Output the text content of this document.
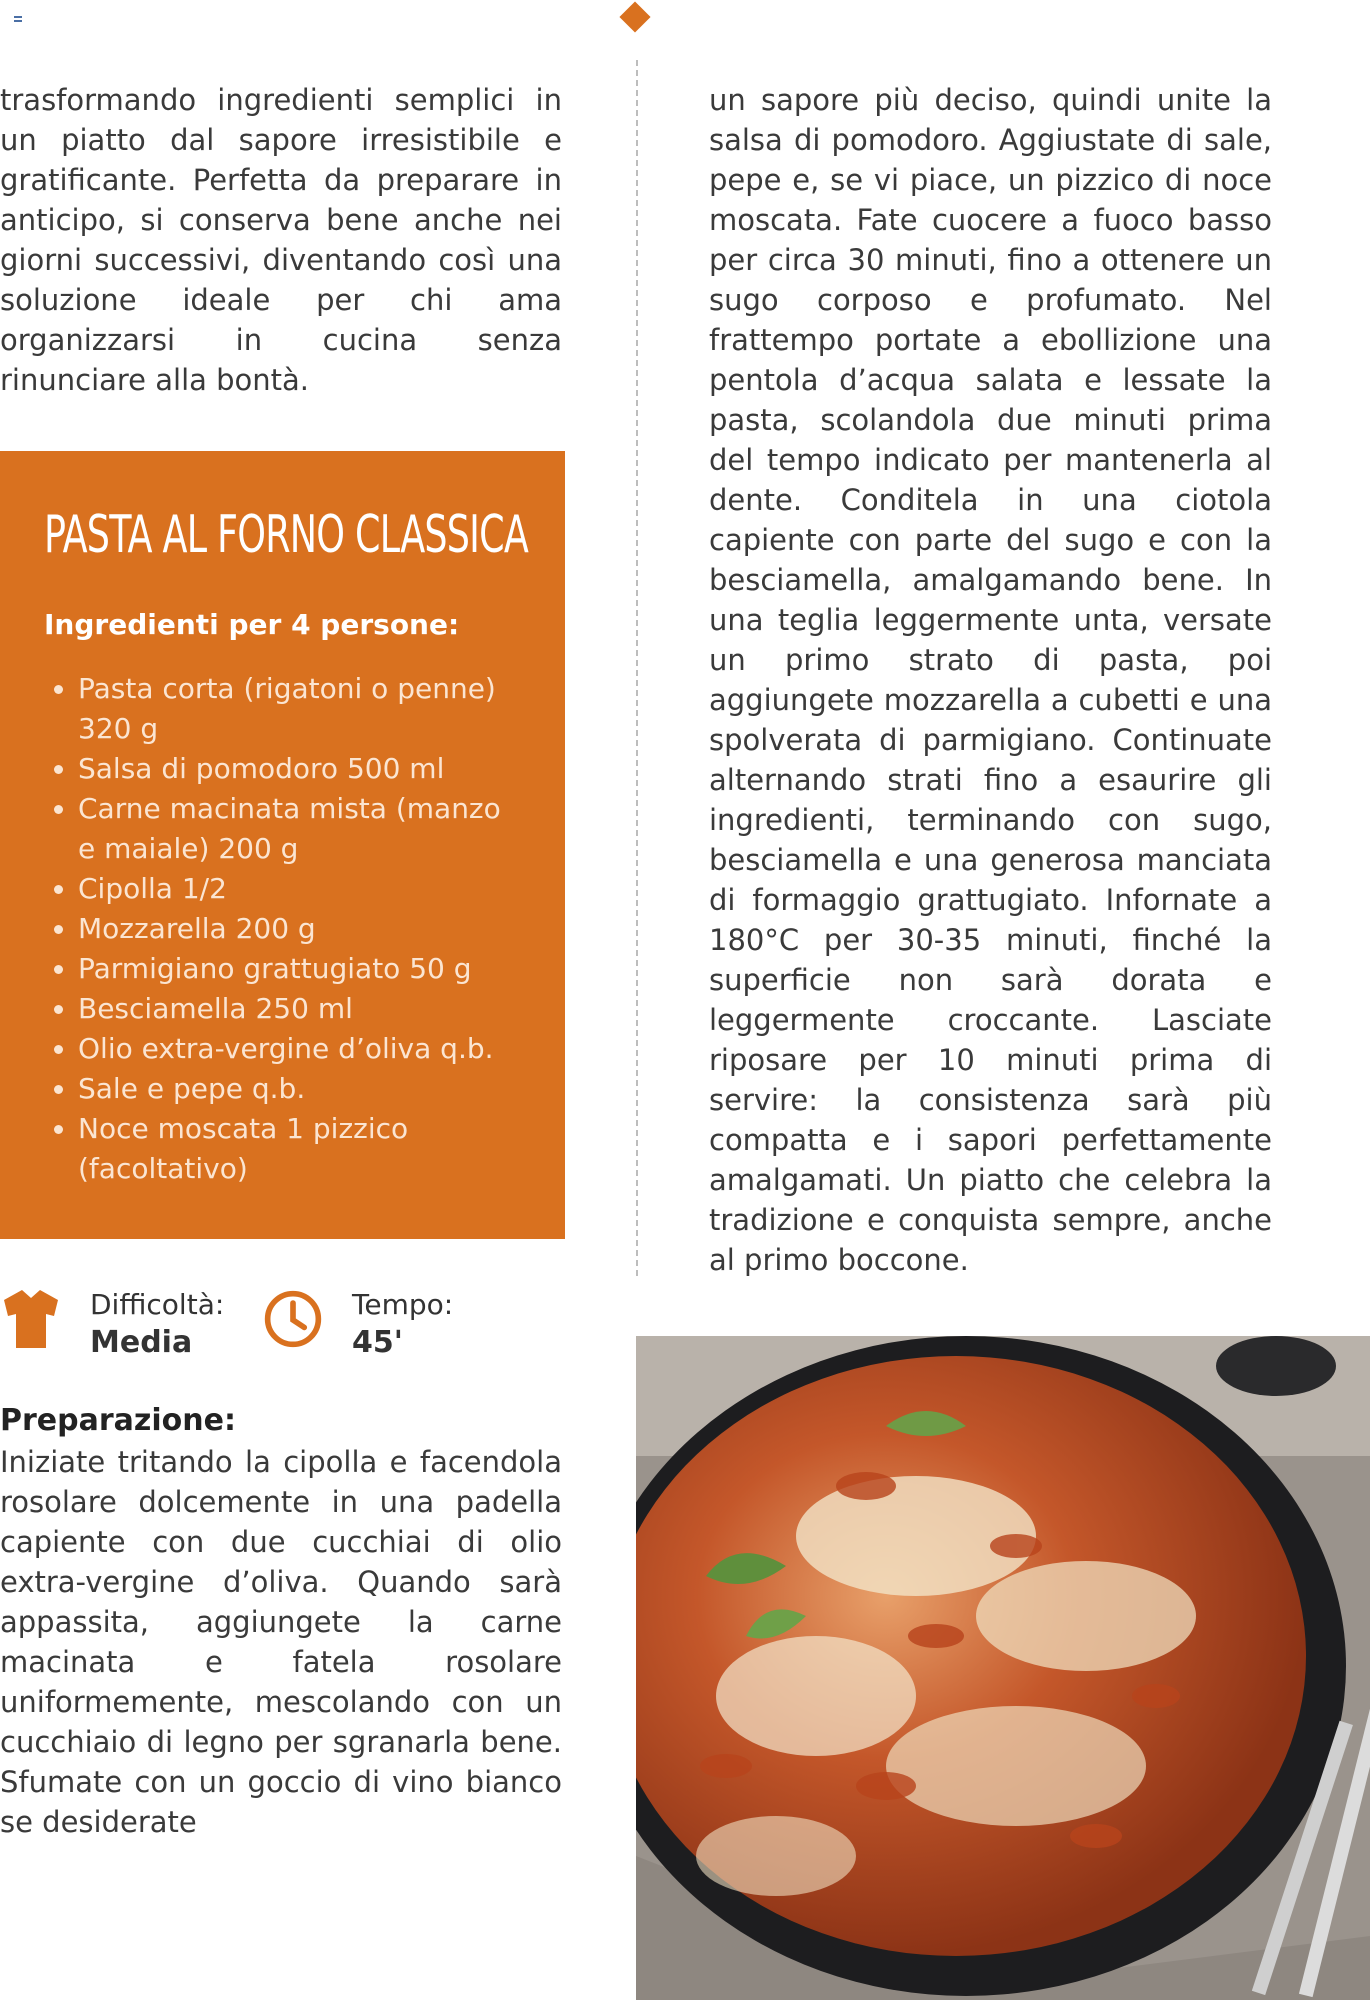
trasformando ingredienti semplici in un piatto dal sapore irresistibile e gratificante. Perfetta da preparare in anticipo, si conserva bene anche nei giorni successivi, diventando così una soluzione ideale per chi ama organizzarsi in cucina senza rinunciare alla bontà.

PASTA AL FORNO CLASSICA
Ingredienti per 4 persone:
• Pasta corta (rigatoni o penne) 320 g
• Salsa di pomodoro 500 ml
• Carne macinata mista (manzo e maiale) 200 g
• Cipolla 1/2
• Mozzarella 200 g
• Parmigiano grattugiato 50 g
• Besciamella 250 ml
• Olio extra-vergine d’oliva q.b.
• Sale e pepe q.b.
• Noce moscata 1 pizzico (facoltativo)
Difficoltà:
Media
Tempo:
45'
Preparazione:

Iniziate tritando la cipolla e facendola rosolare dolcemente in una padella capiente con due cucchiai di olio extra-vergine d’oliva. Quando sarà appassita, aggiungete la carne macinata e fatela rosolare uniformemente, mescolando con un cucchiaio di legno per sgranarla bene. Sfumate con un goccio di vino bianco se desiderate

un sapore più deciso, quindi unite la salsa di pomodoro. Aggiustate di sale, pepe e, se vi piace, un pizzico di noce moscata. Fate cuocere a fuoco basso per circa 30 minuti, fino a ottenere un sugo corposo e profumato. Nel frattempo portate a ebollizione una pentola d’acqua salata e lessate la pasta, scolandola due minuti prima del tempo indicato per mantenerla al dente. Conditela in una ciotola capiente con parte del sugo e con la besciamella, amalgamando bene. In una teglia leggermente unta, versate un primo strato di pasta, poi aggiungete mozzarella a cubetti e una spolverata di parmigiano. Continuate alternando strati fino a esaurire gli ingredienti, terminando con sugo, besciamella e una generosa manciata di formaggio grattugiato. Infornate a 180°C per 30-35 minuti, finché la superficie non sarà dorata e leggermente croccante. Lasciate riposare per 10 minuti prima di servire: la consistenza sarà più compatta e i sapori perfettamente amalgamati. Un piatto che celebra la tradizione e conquista sempre, anche al primo boccone.
